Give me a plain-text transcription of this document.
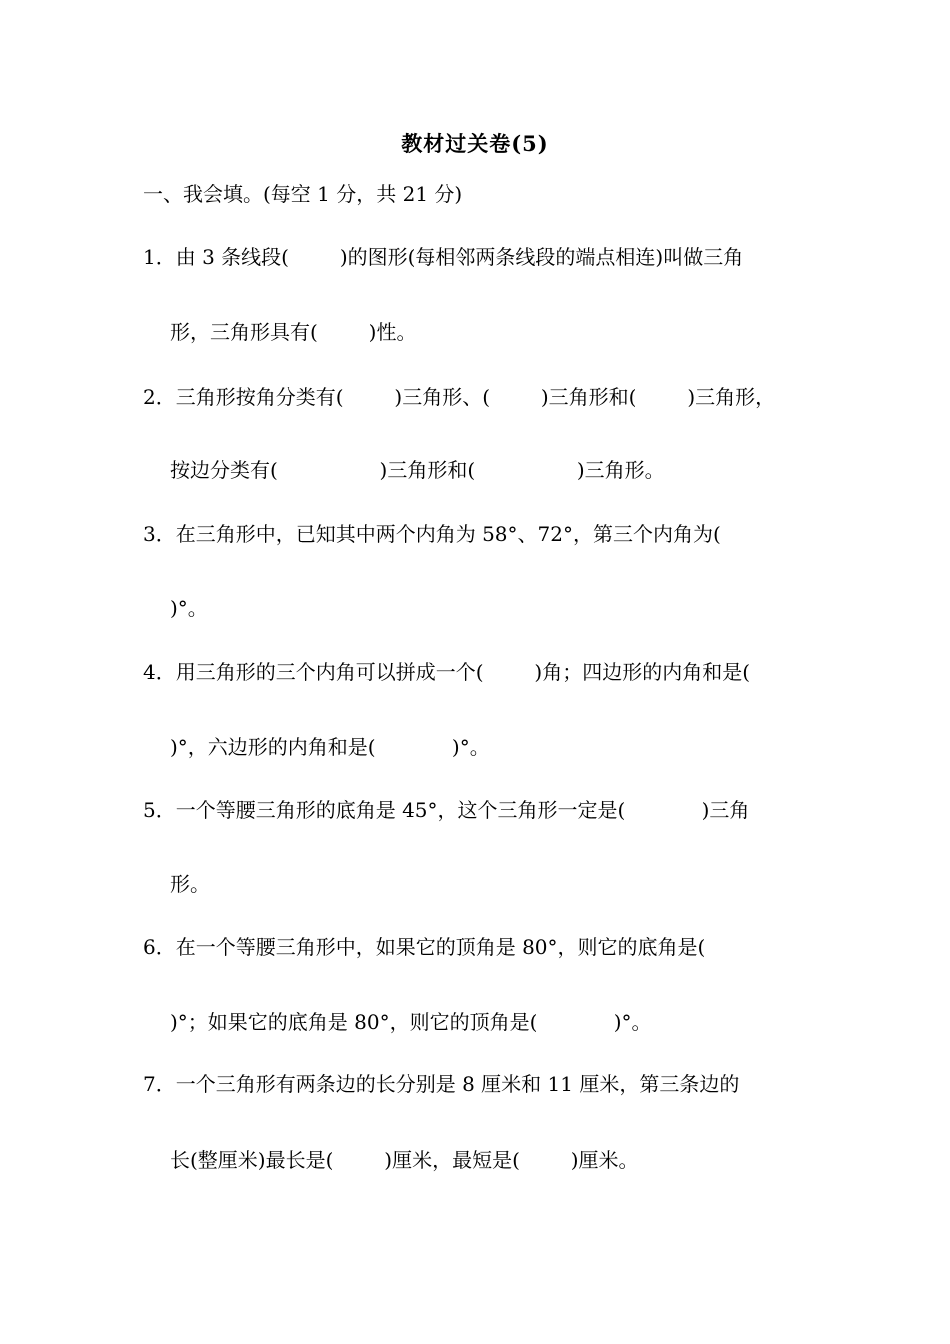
教材过关卷(5)
一、我会填。(每空 1 分，共 21 分)
1．由 3 条线段(        )的图形(每相邻两条线段的端点相连)叫做三角
形，三角形具有(        )性。
2．三角形按角分类有(        )三角形、(        )三角形和(        )三角形，
按边分类有(                )三角形和(                )三角形。
3．在三角形中，已知其中两个内角为 58°、72°，第三个内角为(
)°。
4．用三角形的三个内角可以拼成一个(        )角；四边形的内角和是(
)°，六边形的内角和是(            )°。
5．一个等腰三角形的底角是 45°，这个三角形一定是(            )三角
形。
6．在一个等腰三角形中，如果它的顶角是 80°，则它的底角是(
)°；如果它的底角是 80°，则它的顶角是(            )°。
7．一个三角形有两条边的长分别是 8 厘米和 11 厘米，第三条边的
长(整厘米)最长是(        )厘米，最短是(        )厘米。
